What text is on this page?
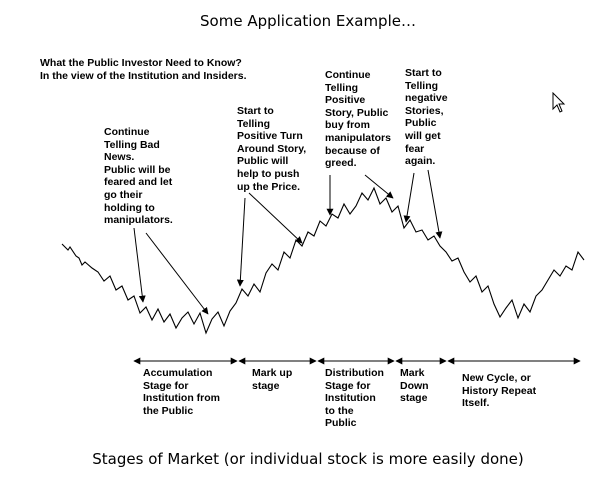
Some Application Example…
What the Public Investor Need to Know?
In the view of the Institution and Insiders.
Continue
Telling Bad
News.
Public will be
feared and let
go their
holding to
manipulators.
Start to
Telling
Positive Turn
Around Story,
Public will
help to push
up the Price.
Continue
Telling
Positive
Story, Public
buy from
manipulators
because of
greed.
Start to
Telling
negative
Stories,
Public
will get
fear
again.
Accumulation
Stage for
Institution from
the Public
Mark up
stage
Distribution
Stage for
Institution
to the
Public
Mark
Down
stage
New Cycle, or
History Repeat
Itself.
Stages of Market (or individual stock is more easily done)
